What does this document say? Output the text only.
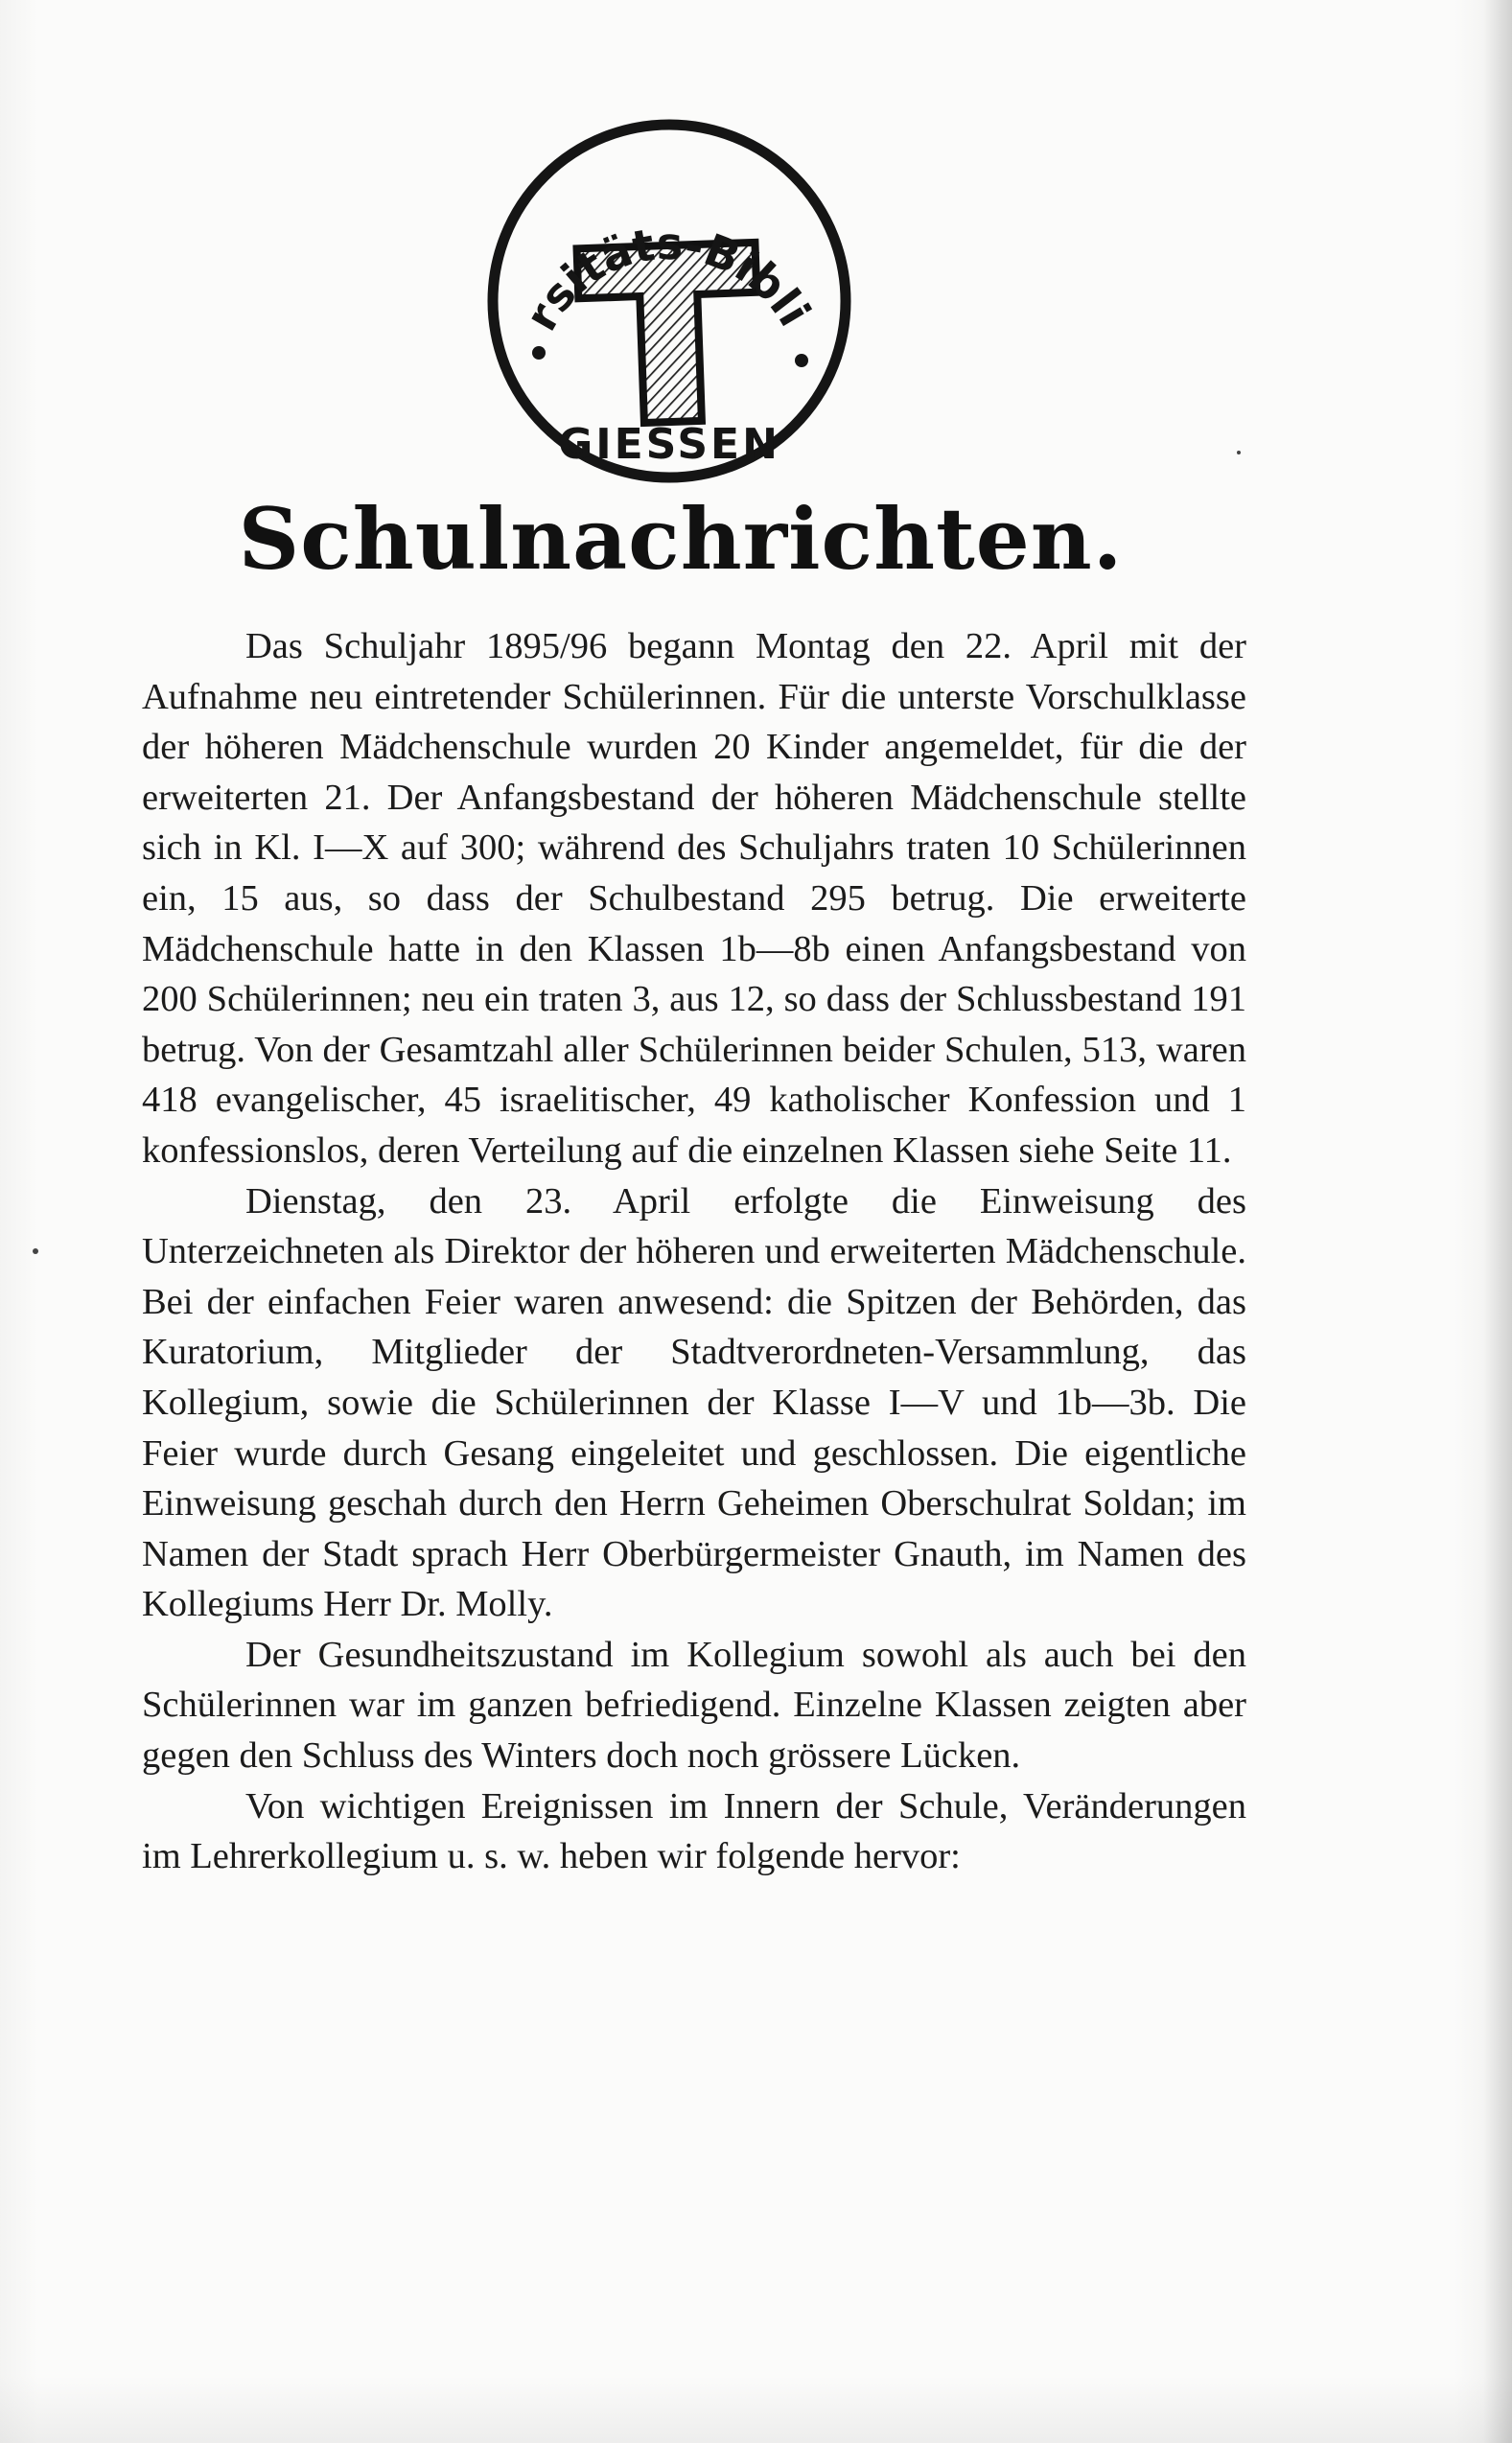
rsitäts-Bibli
GIESSEN
Schulnachrichten.

Das Schuljahr 1895/96 begann Montag den 22. April mit der Aufnahme neu eintretender Schülerinnen. Für die unterste Vorschulklasse der höheren Mädchenschule wurden 20 Kinder angemeldet, für die der erweiterten 21. Der Anfangsbestand der höheren Mädchenschule stellte sich in Kl. I—X auf 300; während des Schuljahrs traten 10 Schülerinnen ein, 15 aus, so dass der Schulbestand 295 betrug. Die erweiterte Mädchenschule hatte in den Klassen 1b—8b einen Anfangsbestand von 200 Schülerinnen; neu ein traten 3, aus 12, so dass der Schlussbestand 191 betrug. Von der Gesamtzahl aller Schülerinnen beider Schulen, 513, waren 418 evangelischer, 45 israelitischer, 49 katholischer Konfession und 1 konfessionslos, deren Verteilung auf die einzelnen Klassen siehe Seite 11.

Dienstag, den 23. April erfolgte die Einweisung des Unterzeichneten als Direktor der höheren und erweiterten Mädchenschule. Bei der einfachen Feier waren anwesend: die Spitzen der Behörden, das Kuratorium, Mitglieder der Stadtverordneten-Versammlung, das Kollegium, sowie die Schülerinnen der Klasse I—V und 1b—3b. Die Feier wurde durch Gesang eingeleitet und geschlossen. Die eigentliche Einweisung geschah durch den Herrn Geheimen Oberschulrat Soldan; im Namen der Stadt sprach Herr Oberbürgermeister Gnauth, im Namen des Kollegiums Herr Dr. Molly.

Der Gesundheitszustand im Kollegium sowohl als auch bei den Schülerinnen war im ganzen befriedigend. Einzelne Klassen zeigten aber gegen den Schluss des Winters doch noch grössere Lücken.

Von wichtigen Ereignissen im Innern der Schule, Veränderungen im Lehrerkollegium u. s. w. heben wir folgende hervor:
